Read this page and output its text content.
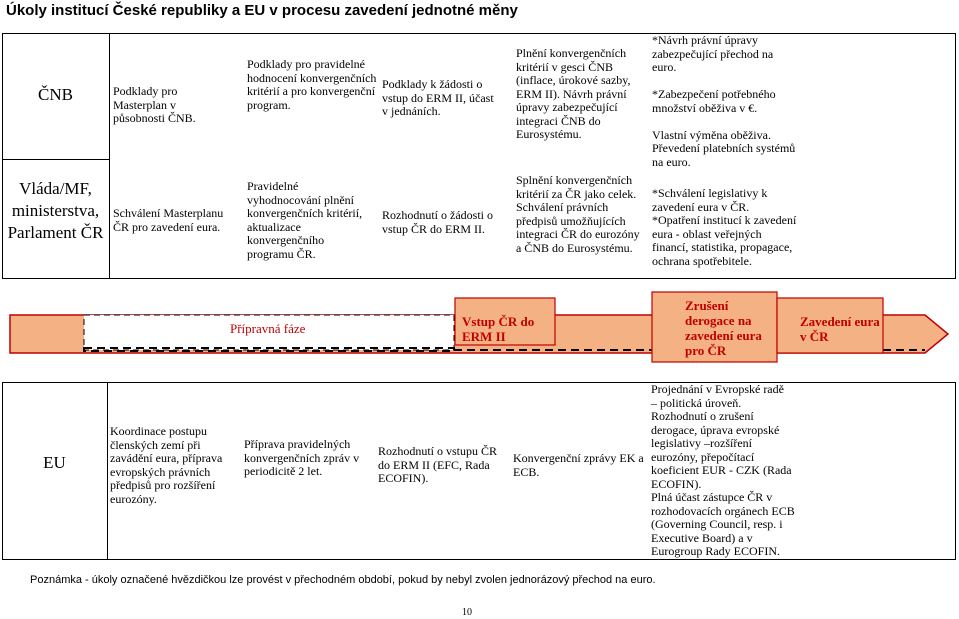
Úkoly institucí České republiky a EU v procesu zavedení jednotné měny
ČNB
Vláda/MF, ministerstva, Parlament ČR
Podklady pro Masterplan v působnosti ČNB.
Schválení Masterplanu ČR pro zavedení eura.
Podklady pro pravidelné hodnocení konvergenčních kritérií a pro konvergenční program.
Pravidelné vyhodnocování plnění konvergenčních kritérií, aktualizace konvergenčního programu ČR.
Podklady k žádosti o vstup do ERM II, účast v jednáních.
Rozhodnutí o žádosti o vstup ČR do ERM II.
Plnění konvergenčních kritérií v gesci ČNB (inflace, úrokové sazby, ERM II). Návrh právní úpravy zabezpečující integraci ČNB do Eurosystému.
Splnění konvergenčních kritérií za ČR jako celek. Schválení právních předpisů umožňujících integraci ČR do eurozóny a ČNB do Eurosystému.
*Návrh právní úpravy zabezpečující přechod na euro.

*Zabezpečení potřebného množství oběživa v €.

Vlastní výměna oběživa.
Převedení platebních systémů na euro.
*Schválení legislativy k zavedení eura v ČR.
*Opatření institucí k zavedení eura - oblast veřejných financí, statistika, propagace, ochrana spotřebitele.
Přípravná fáze	Vstup ČR do ERM II
Zrušení derogace na zavedení eura pro ČR
Zavedení eura v ČR
EU
Koordinace postupu členských zemí při zavádění eura, příprava evropských právních předpisů pro rozšíření eurozóny.
Příprava pravidelných konvergenčních zpráv v periodicitě 2 let.
Rozhodnutí o vstupu ČR do ERM II (EFC, Rada ECOFIN).
Konvergenční zprávy EK a ECB.
Projednání v Evropské radě
– politická úroveň.
Rozhodnutí o zrušení derogace, úprava evropské legislativy –rozšíření eurozóny, přepočítací koeficient EUR - CZK (Rada ECOFIN).
Plná účast zástupce ČR v rozhodovacích orgánech ECB (Governing Council, resp. i Executive Board) a v Eurogroup Rady ECOFIN.
Poznámka - úkoly označené hvězdičkou lze provést v přechodném období, pokud by nebyl zvolen jednorázový přechod na euro.
10
